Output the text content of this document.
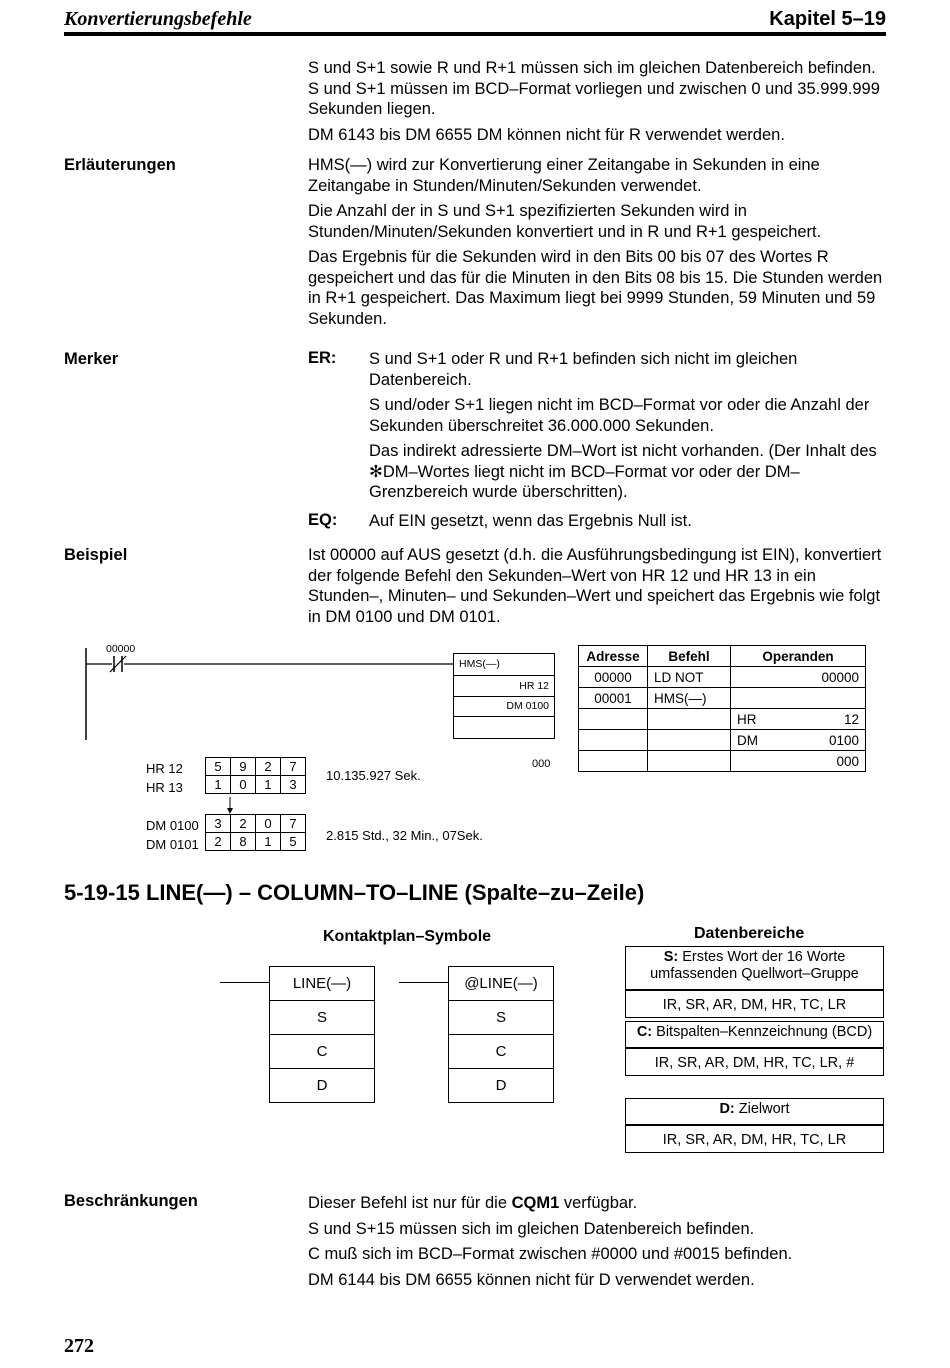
Konvertierungsbefehle	Kapitel 5–19

S und S+1 sowie R und R+1 müssen sich im gleichen Datenbereich befinden. S und S+1 müssen im BCD–Format vorliegen und zwischen 0 und 35.999.999 Sekunden liegen.

DM 6143 bis DM 6655 DM können nicht für R verwendet werden.

Erläuterungen	HMS(—) wird zur Konvertierung einer Zeitangabe in Sekunden in eine Zeitangabe in Stunden/Minuten/Sekunden verwendet.

Die Anzahl der in S und S+1 spezifizierten Sekunden wird in Stunden/Minuten/Sekunden konvertiert und in R und R+1 gespeichert.

Das Ergebnis für die Sekunden wird in den Bits 00 bis 07 des Wortes R gespeichert und das für die Minuten in den Bits 08 bis 15. Die Stunden werden in R+1 gespeichert. Das Maximum liegt bei 9999 Stunden, 59 Minuten und 59 Sekunden.

Merker	ER: S und S+1 oder R und R+1 befinden sich nicht im gleichen Datenbereich.

S und/oder S+1 liegen nicht im BCD–Format vor oder die Anzahl der Sekunden überschreitet 36.000.000 Sekunden.

Das indirekt adressierte DM–Wort ist nicht vorhanden. (Der Inhalt des ✻DM–Wortes liegt nicht im BCD–Format vor oder der DM–Grenzbereich wurde überschritten).

EQ: Auf EIN gesetzt, wenn das Ergebnis Null ist.
Beispiel	Ist 00000 auf AUS gesetzt (d.h. die Ausführungsbedingung ist EIN), konvertiert der folgende Befehl den Sekunden–Wert von HR 12 und HR 13 in ein Stunden–, Minuten– und Sekunden–Wert und speichert das Ergebnis wie folgt in DM 0100 und DM 0101.
00000
HMS(—)
HR 12
DM 0100
000
Adresse	Befehl	Operanden
00000	LD NOT	00000
00001	HMS(—)	

		HR 12

		DM 0100

		000
HR 12
HR 13
5	9	2	7
1	0	1	3
10.135.927 Sek.
DM 0100
DM 0101
3	2	0	7
2	8	1	5 2.815 Std., 32 Min., 07Sek.
5-19-15 LINE(—) – COLUMN–TO–LINE (Spalte–zu–Zeile)
Kontaktplan–Symbole
LINE(—)
S
C
D
@LINE(—)
S
C
D
Datenbereiche
S: Erstes Wort der 16 Worte umfassenden Quellwort–Gruppe
IR, SR, AR, DM, HR, TC, LR
C: Bitspalten–Kennzeichnung (BCD)
IR, SR, AR, DM, HR, TC, LR, #
D: Zielwort
IR, SR, AR, DM, HR, TC, LR
Beschränkungen	Dieser Befehl ist nur für die CQM1 verfügbar.
S und S+15 müssen sich im gleichen Datenbereich befinden.
C muß sich im BCD–Format zwischen #0000 und #0015 befinden.
DM 6144 bis DM 6655 können nicht für D verwendet werden.
272
